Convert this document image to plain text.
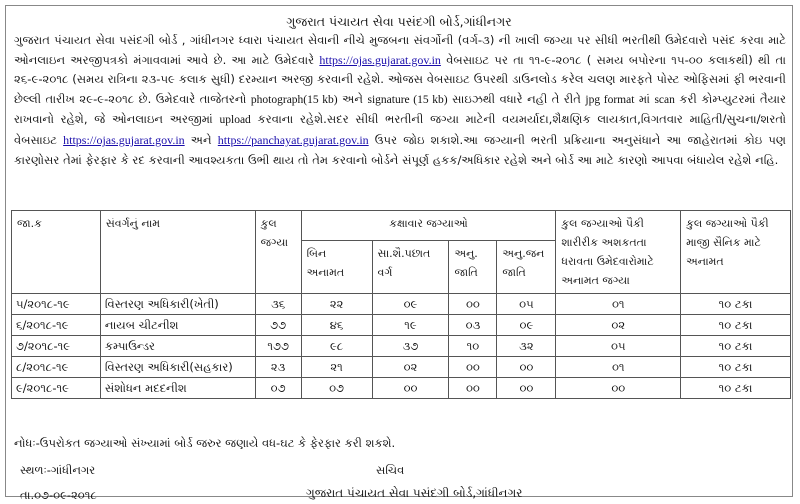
ગુજરાત પંચાયત સેવા પસંદગી બોર્ડ,ગાંધીનગર
ગુજરાત પંચાયત સેવા પસંદગી બોર્ડ , ગાંધીનગર ધ્વારા પંચાયત સેવાની નીચે મુજબના સંવર્ગોની (વર્ગ-૩) ની ખાલી જગ્યા પર સીધી ભરતીથી ઉમેદવારો પસંદ કરવા માટે ઓનલાઇન અરજીપત્રકો મંગાવવામાં આવે છે. આ માટે ઉમેદવારે https://ojas.gujarat.gov.in વેબસાઇટ પર તા ૧૧-૯-૨૦૧૮ ( સમય બપોરના ૧૫-૦૦ કલાકથી) થી તા ૨૬-૯-૨૦૧૮ (સમય રાત્રિના ૨૩-૫૯ કલાક સુધી) દરમ્યાન અરજી કરવાની રહેશે. ઓજસ વેબસાઇટ ઉપરથી ડાઉનલોડ કરેલ ચલણ મારફતે પોસ્ટ ઓફિસમાં ફી ભરવાની છેલ્લી તારીખ ૨૯-૯-૨૦૧૮ છે. ઉમેદવારે તાજેતરનો photograph(15 kb) અને signature (15 kb) સાઇઝથી વધારે નહી તે રીતે jpg format માં scan કરી કોમ્પ્યુટરમાં તૈયાર રાખવાનો રહેશે, જે ઓનલાઇન અરજીમાં upload કરવાના રહેશે.સદર સીધી ભરતીની જગ્યા માટેની વયમર્યાદા,શૈક્ષણિક લાયકાત,વિગતવાર માહિતી/સુચના/શરતો વેબસાઇટ https://ojas.gujarat.gov.in અને https://panchayat.gujarat.gov.in ઉપર જોઇ શકાશે.આ જગ્યાની ભરતી પ્રક્રિયાના અનુસંધાને આ જાહેરાતમાં કોઇ પણ કારણોસર તેમાં ફેરફાર કે રદ કરવાની આવશ્યકતા ઉભી થાય તો તેમ કરવાનો બોર્ડને સંપૂર્ણ હકક/અધિકાર રહેશે અને બોર્ડ આ માટે કારણો આપવા બંધાયેલ રહેશે નહિ.
જા.ક	સંવર્ગનું નામ	કુલ જગ્યા	કક્ષાવાર જગ્યાઓ				કુલ જગ્યાઓ પૈકી શારીરીક અશકતતા ધરાવતા ઉમેદવારોમાટે અનામત જગ્યા	કુલ જગ્યાઓ પૈકી માજી સૈનિક માટે અનામત
			બિન અનામત	સા.શૈ.પછાત વર્ગ	અનુ. જાતિ	અનુ.જન જાતિ		
૫/૨૦૧૮-૧૯	વિસ્તરણ અધિકારી(ખેતી)	૩૬	૨૨	૦૯	૦૦	૦૫	૦૧	૧૦ ટકા
૬/૨૦૧૮-૧૯	નાયબ ચીટનીશ	૭૭	૪૬	૧૯	૦૩	૦૯	૦૨	૧૦ ટકા
૭/૨૦૧૮-૧૯	કમ્પાઉન્ડર	૧૭૭	૯૮	૩૭	૧૦	૩૨	૦૫	૧૦ ટકા
૮/૨૦૧૮-૧૯	વિસ્તરણ અધિકારી(સહકાર)	૨૩	૨૧	૦૨	૦૦	૦૦	૦૧	૧૦ ટકા
૯/૨૦૧૮-૧૯	સંશોધન મદદનીશ	૦૭	૦૭	૦૦	૦૦	૦૦	૦૦	૧૦ ટકા
નોધઃ-ઉપરોકત જગ્યાઓ સંખ્યામાં બોર્ડ જરુર જણાયે વધ-ઘટ કે ફેરફાર કરી શકશે.
સ્થળઃ-ગાંધીનગર	સચિવ
તા.૦૭-૦૯-૨૦૧૮	ગુજરાત પંચાયત સેવા પસંદગી બોર્ડ,ગાંધીનગર
